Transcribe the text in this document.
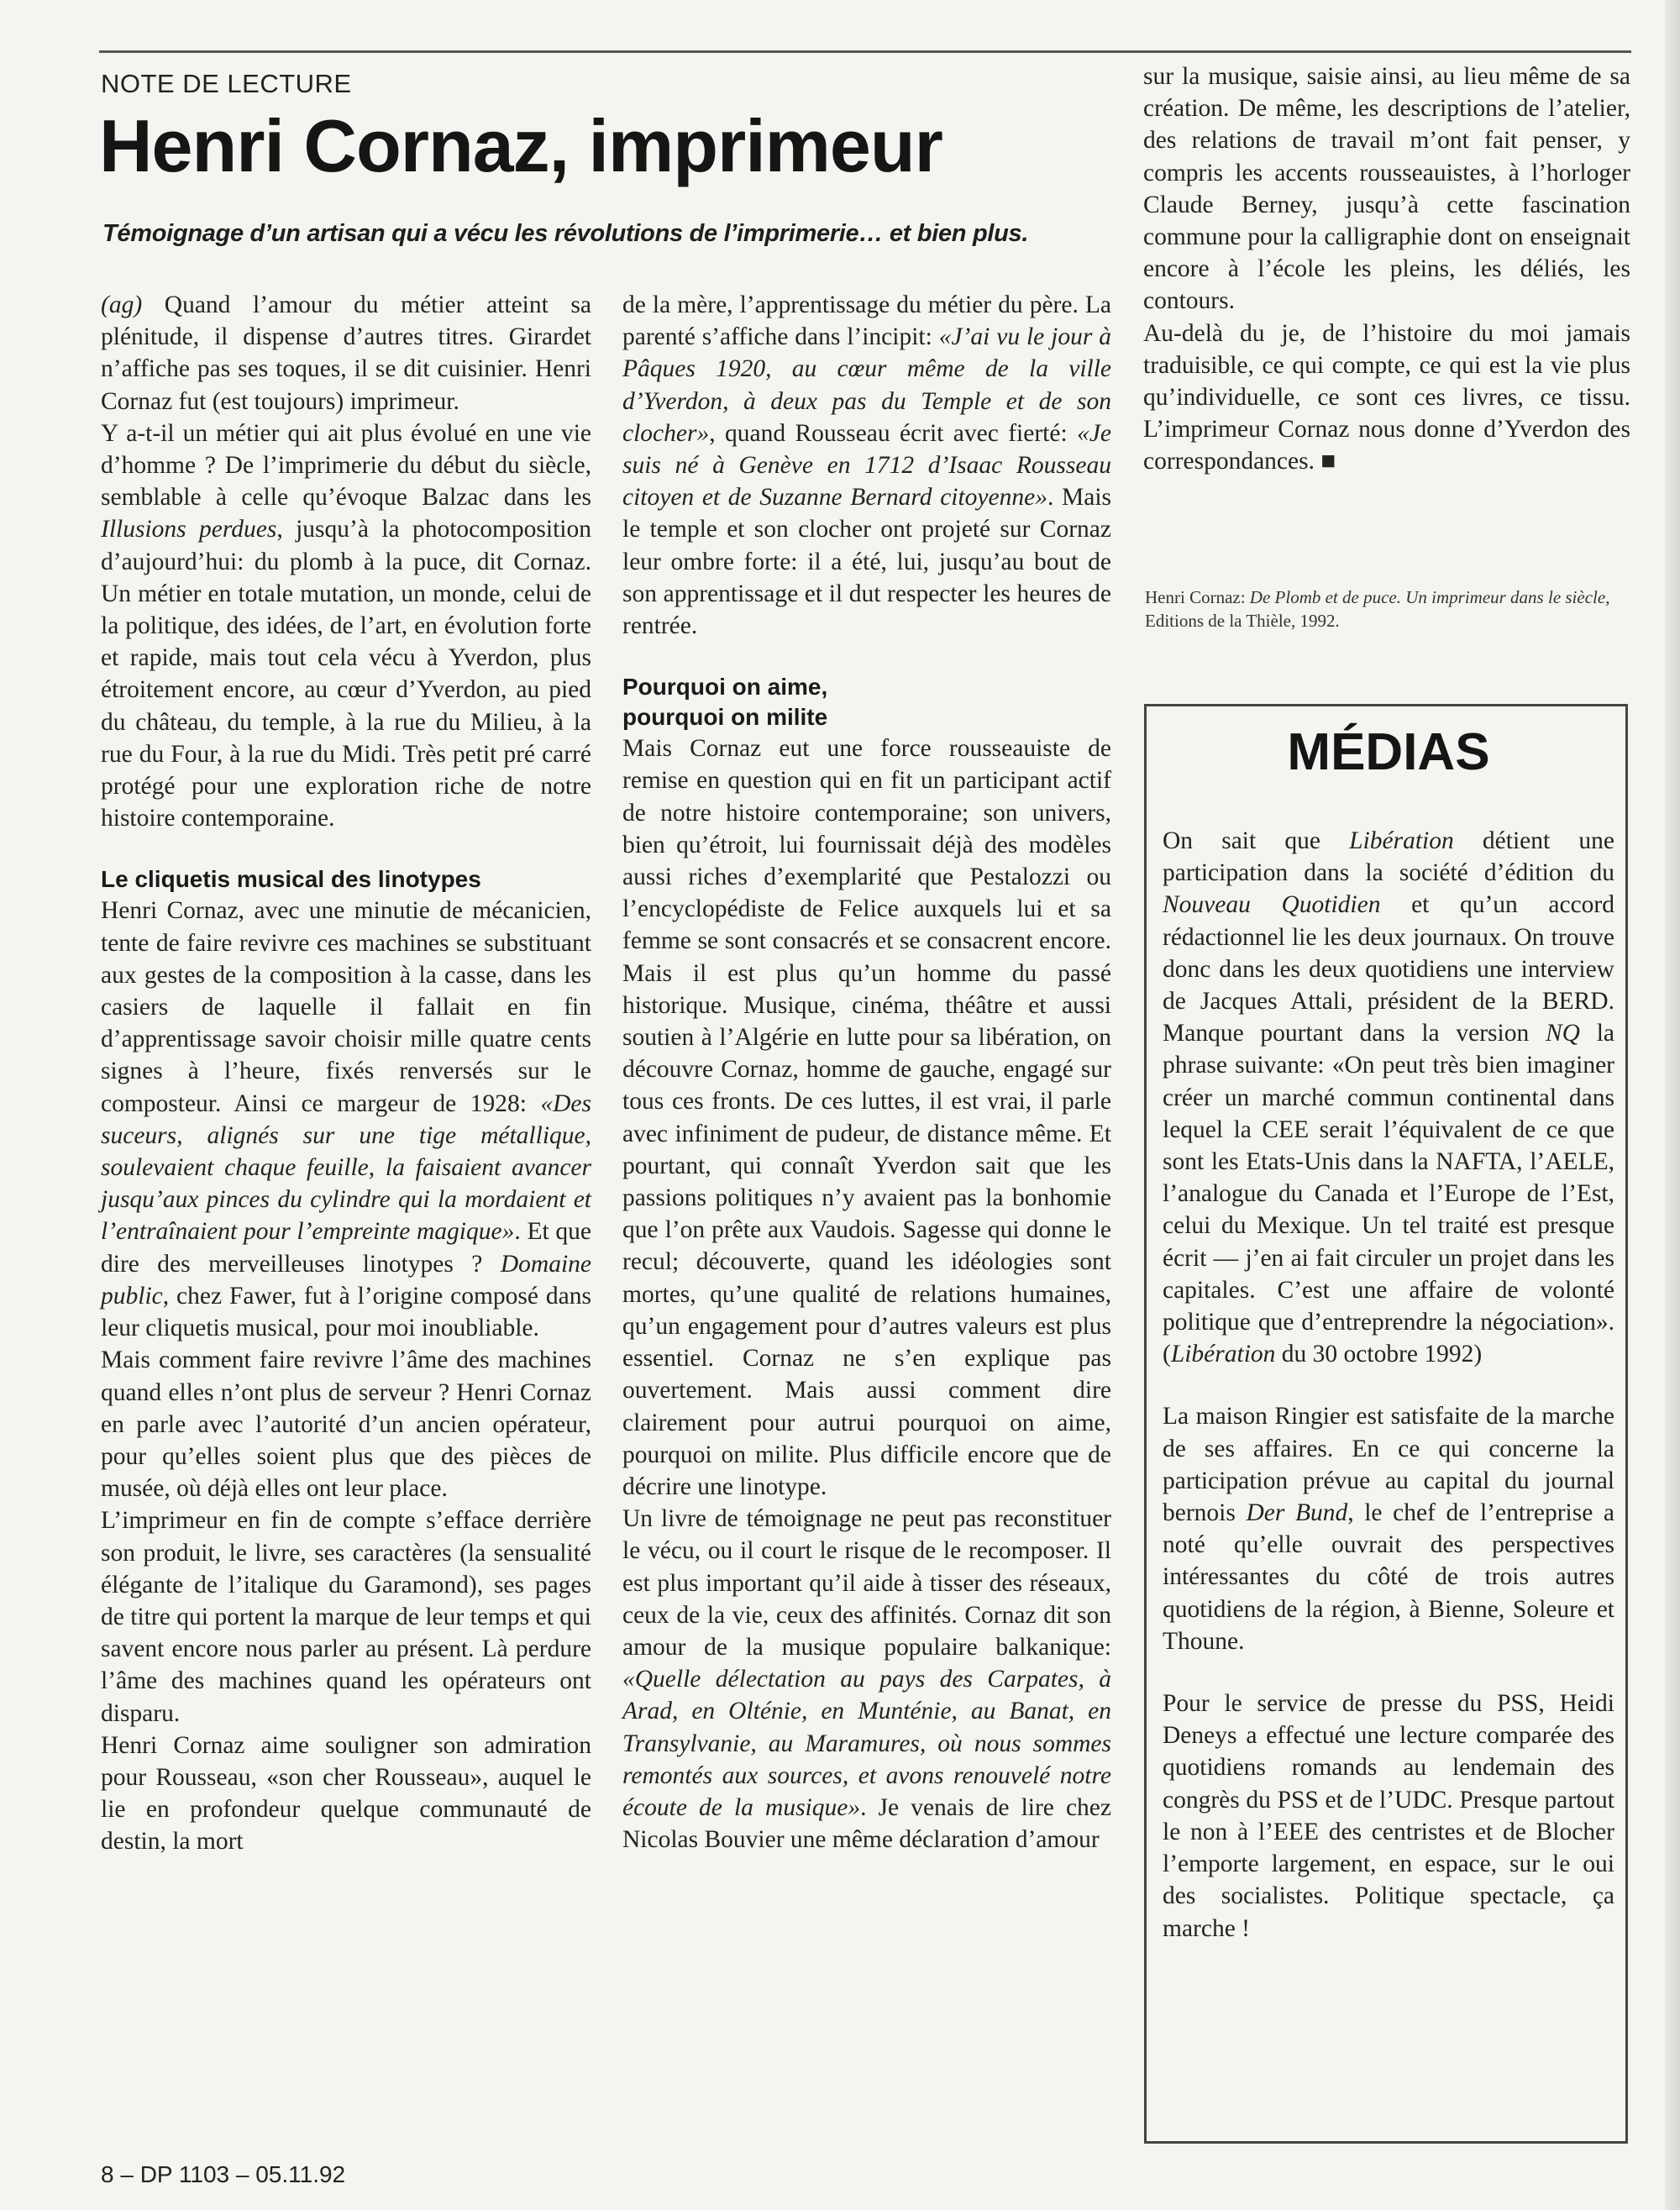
NOTE DE LECTURE
Henri Cornaz, imprimeur
Témoignage d’un artisan qui a vécu les révolutions de l’imprimerie… et bien plus.

(ag) Quand l’amour du métier atteint sa plénitude, il dispense d’autres titres. Girardet n’affiche pas ses toques, il se dit cuisinier. Henri Cornaz fut (est toujours) imprimeur.

Y a-t-il un métier qui ait plus évolué en une vie d’homme ? De l’imprimerie du début du siècle, semblable à celle qu’évoque Balzac dans les Illusions perdues, jusqu’à la photocomposition d’aujourd’hui: du plomb à la puce, dit Cornaz. Un métier en totale mutation, un monde, celui de la politique, des idées, de l’art, en évolution forte et rapide, mais tout cela vécu à Yverdon, plus étroitement encore, au cœur d’Yverdon, au pied du château, du temple, à la rue du Milieu, à la rue du Four, à la rue du Midi. Très petit pré carré protégé pour une exploration riche de notre histoire contemporaine.

Le cliquetis musical des linotypes

Henri Cornaz, avec une minutie de mécanicien, tente de faire revivre ces machines se substituant aux gestes de la composition à la casse, dans les casiers de laquelle il fallait en fin d’apprentissage savoir choisir mille quatre cents signes à l’heure, fixés renversés sur le composteur. Ainsi ce margeur de 1928: «Des suceurs, alignés sur une tige métallique, soulevaient chaque feuille, la faisaient avancer jusqu’aux pinces du cylindre qui la mordaient et l’entraînaient pour l’empreinte magique». Et que dire des merveilleuses linotypes ? Domaine public, chez Fawer, fut à l’origine composé dans leur cliquetis musical, pour moi inoubliable.

Mais comment faire revivre l’âme des machines quand elles n’ont plus de serveur ? Henri Cornaz en parle avec l’autorité d’un ancien opérateur, pour qu’elles soient plus que des pièces de musée, où déjà elles ont leur place.

L’imprimeur en fin de compte s’efface derrière son produit, le livre, ses caractères (la sensualité élégante de l’italique du Garamond), ses pages de titre qui portent la marque de leur temps et qui savent encore nous parler au présent. Là perdure l’âme des machines quand les opérateurs ont disparu.

Henri Cornaz aime souligner son admiration pour Rousseau, «son cher Rousseau», auquel le lie en profondeur quelque communauté de destin, la mort

de la mère, l’apprentissage du métier du père. La parenté s’affiche dans l’incipit: «J’ai vu le jour à Pâques 1920, au cœur même de la ville d’Yverdon, à deux pas du Temple et de son clocher», quand Rousseau écrit avec fierté: «Je suis né à Genève en 1712 d’Isaac Rousseau citoyen et de Suzanne Bernard citoyenne». Mais le temple et son clocher ont projeté sur Cornaz leur ombre forte: il a été, lui, jusqu’au bout de son apprentissage et il dut respecter les heures de rentrée.

Pourquoi on aime,
pourquoi on milite

Mais Cornaz eut une force rousseauiste de remise en question qui en fit un participant actif de notre histoire contemporaine; son univers, bien qu’étroit, lui fournissait déjà des modèles aussi riches d’exemplarité que Pestalozzi ou l’encyclopédiste de Felice auxquels lui et sa femme se sont consacrés et se consacrent encore. Mais il est plus qu’un homme du passé historique. Musique, cinéma, théâtre et aussi soutien à l’Algérie en lutte pour sa libération, on découvre Cornaz, homme de gauche, engagé sur tous ces fronts. De ces luttes, il est vrai, il parle avec infiniment de pudeur, de distance même. Et pourtant, qui connaît Yverdon sait que les passions politiques n’y avaient pas la bonhomie que l’on prête aux Vaudois. Sagesse qui donne le recul; découverte, quand les idéologies sont mortes, qu’une qualité de relations humaines, qu’un engagement pour d’autres valeurs est plus essentiel. Cornaz ne s’en explique pas ouvertement. Mais aussi comment dire clairement pour autrui pourquoi on aime, pourquoi on milite. Plus difficile encore que de décrire une linotype.

Un livre de témoignage ne peut pas reconstituer le vécu, ou il court le risque de le recomposer. Il est plus important qu’il aide à tisser des réseaux, ceux de la vie, ceux des affinités. Cornaz dit son amour de la musique populaire balkanique: «Quelle délectation au pays des Carpates, à Arad, en Olténie, en Munténie, au Banat, en Transylvanie, au Maramures, où nous sommes remontés aux sources, et avons renouvelé notre écoute de la musique». Je venais de lire chez Nicolas Bouvier une même déclaration d’amour

sur la musique, saisie ainsi, au lieu même de sa création. De même, les descriptions de l’atelier, des relations de travail m’ont fait penser, y compris les accents rousseauistes, à l’horloger Claude Berney, jusqu’à cette fascination commune pour la calligraphie dont on enseignait encore à l’école les pleins, les déliés, les contours.

Au-delà du je, de l’histoire du moi jamais traduisible, ce qui compte, ce qui est la vie plus qu’individuelle, ce sont ces livres, ce tissu. L’imprimeur Cornaz nous donne d’Yverdon des correspondances. ■

Henri Cornaz: De Plomb et de puce. Un imprimeur dans le siècle, Editions de la Thièle, 1992.
MÉDIAS

On sait que Libération détient une participation dans la société d’édition du Nouveau Quotidien et qu’un accord rédactionnel lie les deux journaux. On trouve donc dans les deux quotidiens une interview de Jacques Attali, président de la BERD. Manque pourtant dans la version NQ la phrase suivante: «On peut très bien imaginer créer un marché commun continental dans lequel la CEE serait l’équivalent de ce que sont les Etats-Unis dans la NAFTA, l’AELE, l’analogue du Canada et l’Europe de l’Est, celui du Mexique. Un tel traité est presque écrit — j’en ai fait circuler un projet dans les capitales. C’est une affaire de volonté politique que d’entreprendre la négociation». (Libération du 30 octobre 1992)

La maison Ringier est satisfaite de la marche de ses affaires. En ce qui concerne la participation prévue au capital du journal bernois Der Bund, le chef de l’entreprise a noté qu’elle ouvrait des perspectives intéressantes du côté de trois autres quotidiens de la région, à Bienne, Soleure et Thoune.

Pour le service de presse du PSS, Heidi Deneys a effectué une lecture comparée des quotidiens romands au lendemain des congrès du PSS et de l’UDC. Presque partout le non à l’EEE des centristes et de Blocher l’emporte largement, en espace, sur le oui des socialistes. Politique spectacle, ça marche !

8 – DP 1103 – 05.11.92
